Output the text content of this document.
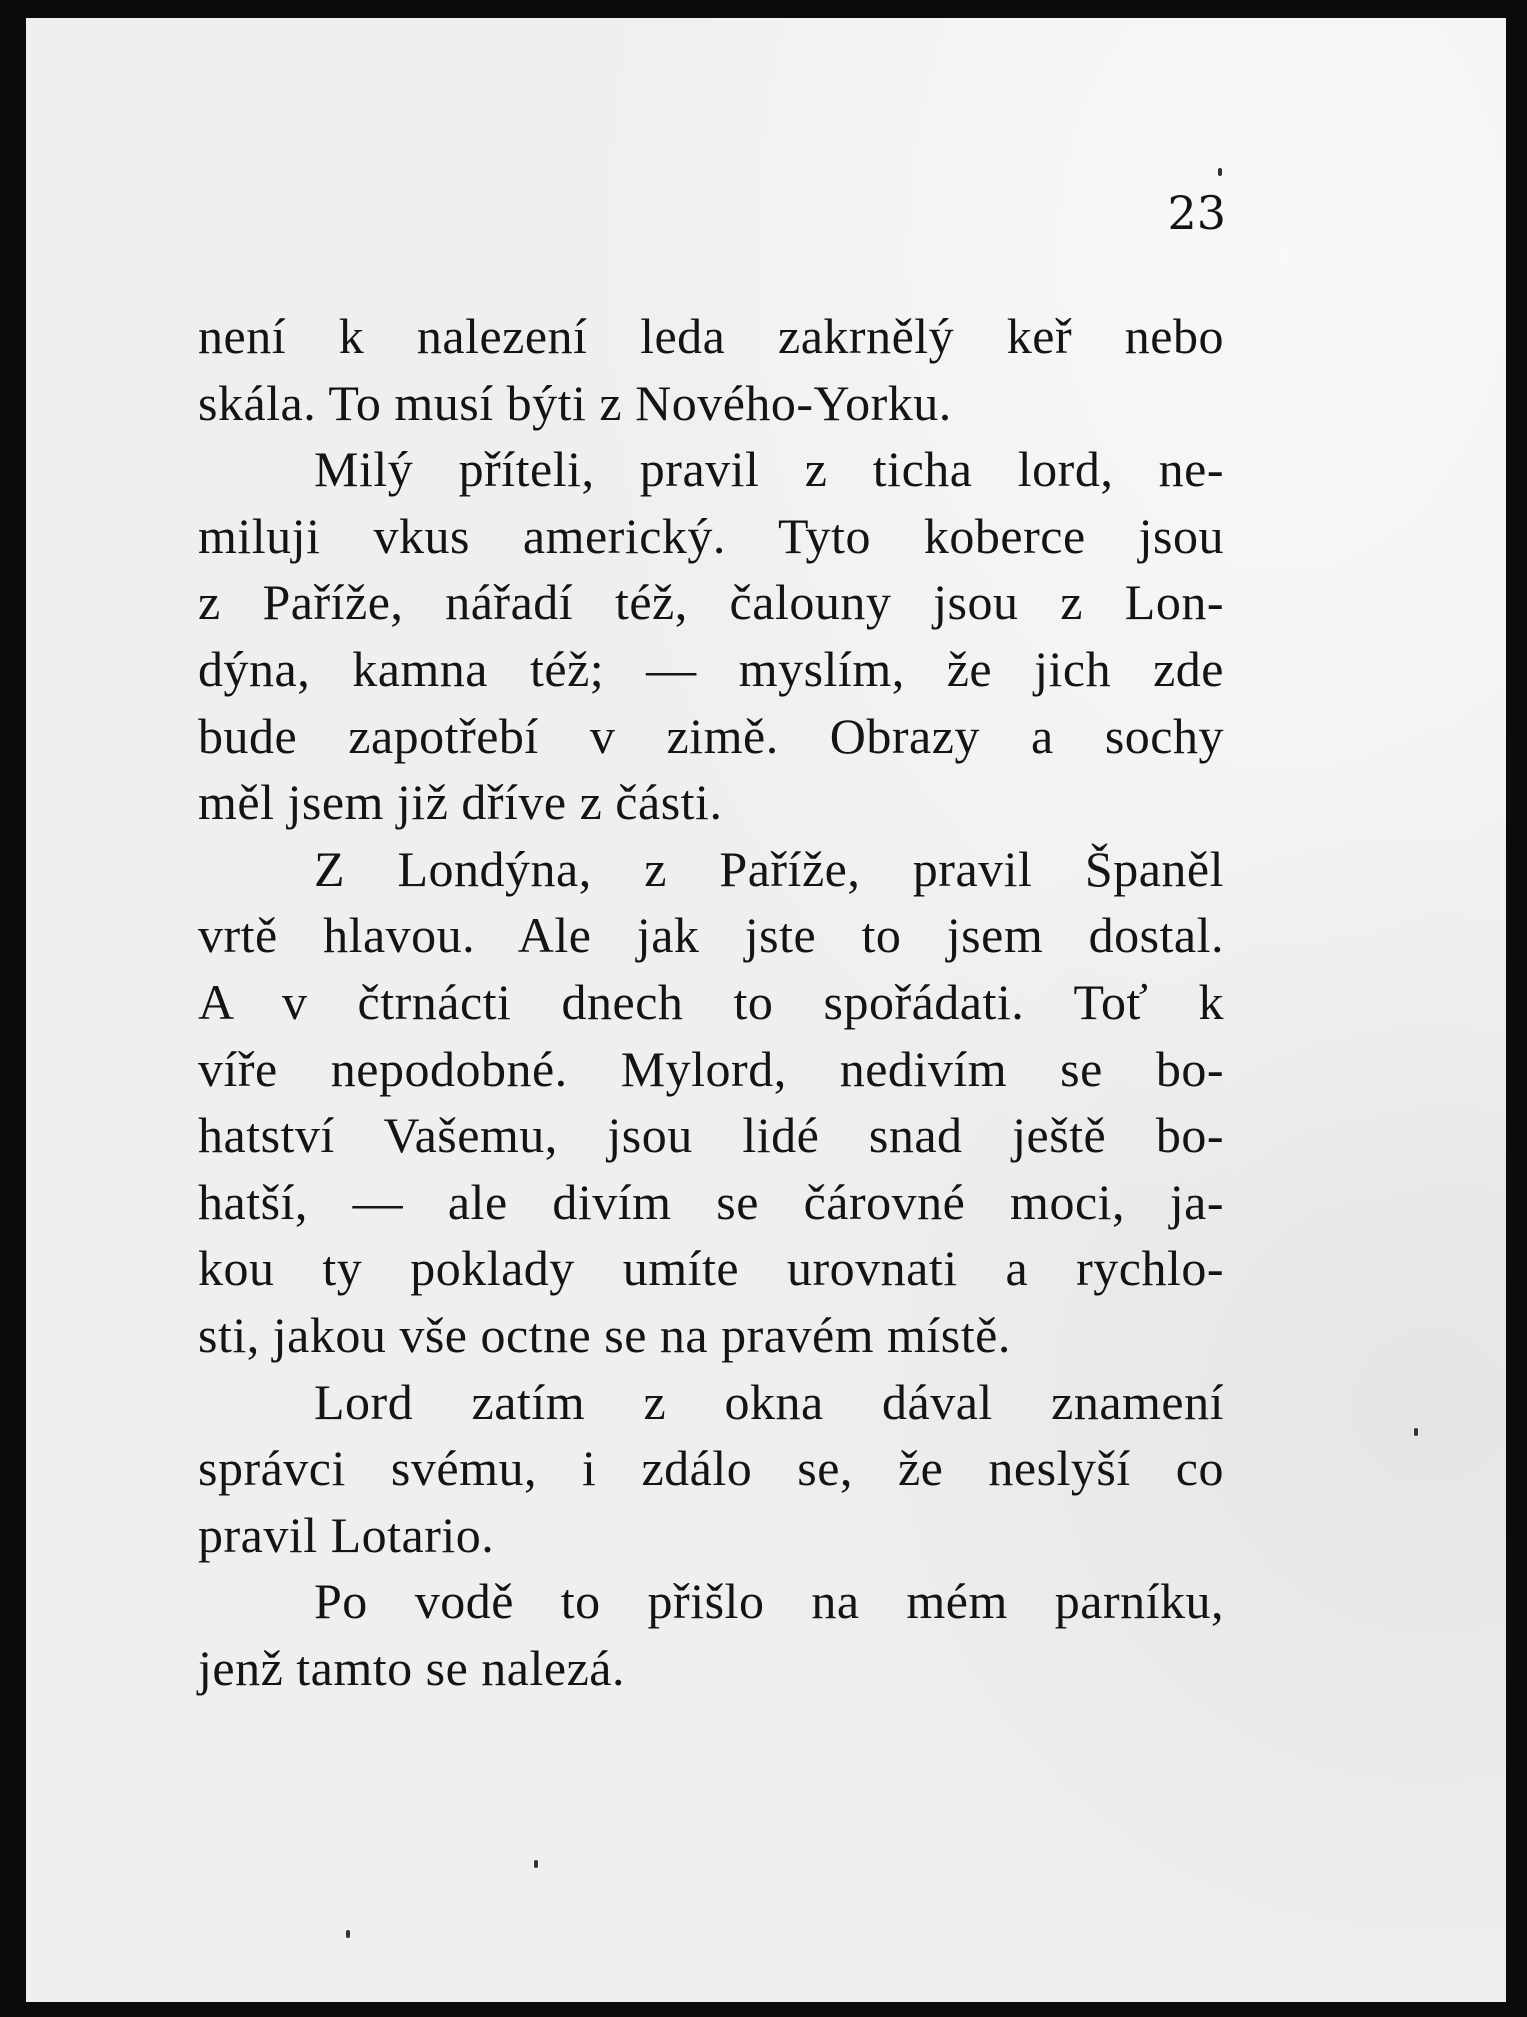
23
není k nalezení leda zakrnělý keř nebo
skála. To musí býti z Nového-Yorku.
Milý příteli, pravil z ticha lord, ne-
miluji vkus americký. Tyto koberce jsou
z Paříže, nářadí též, čalouny jsou z Lon-
dýna, kamna též; — myslím, že jich zde
bude zapotřebí v zimě. Obrazy a sochy
měl jsem již dříve z části.
Z Londýna, z Paříže, pravil Španěl
vrtě hlavou. Ale jak jste to jsem dostal.
A v čtrnácti dnech to spořádati. Toť k
víře nepodobné. Mylord, nedivím se bo-
hatství Vašemu, jsou lidé snad ještě bo-
hatší, — ale divím se čárovné moci, ja-
kou ty poklady umíte urovnati a rychlo-
sti, jakou vše octne se na pravém místě.
Lord zatím z okna dával znamení
správci svému, i zdálo se, že neslyší co
pravil Lotario.
Po vodě to přišlo na mém parníku,
jenž tamto se nalezá.
